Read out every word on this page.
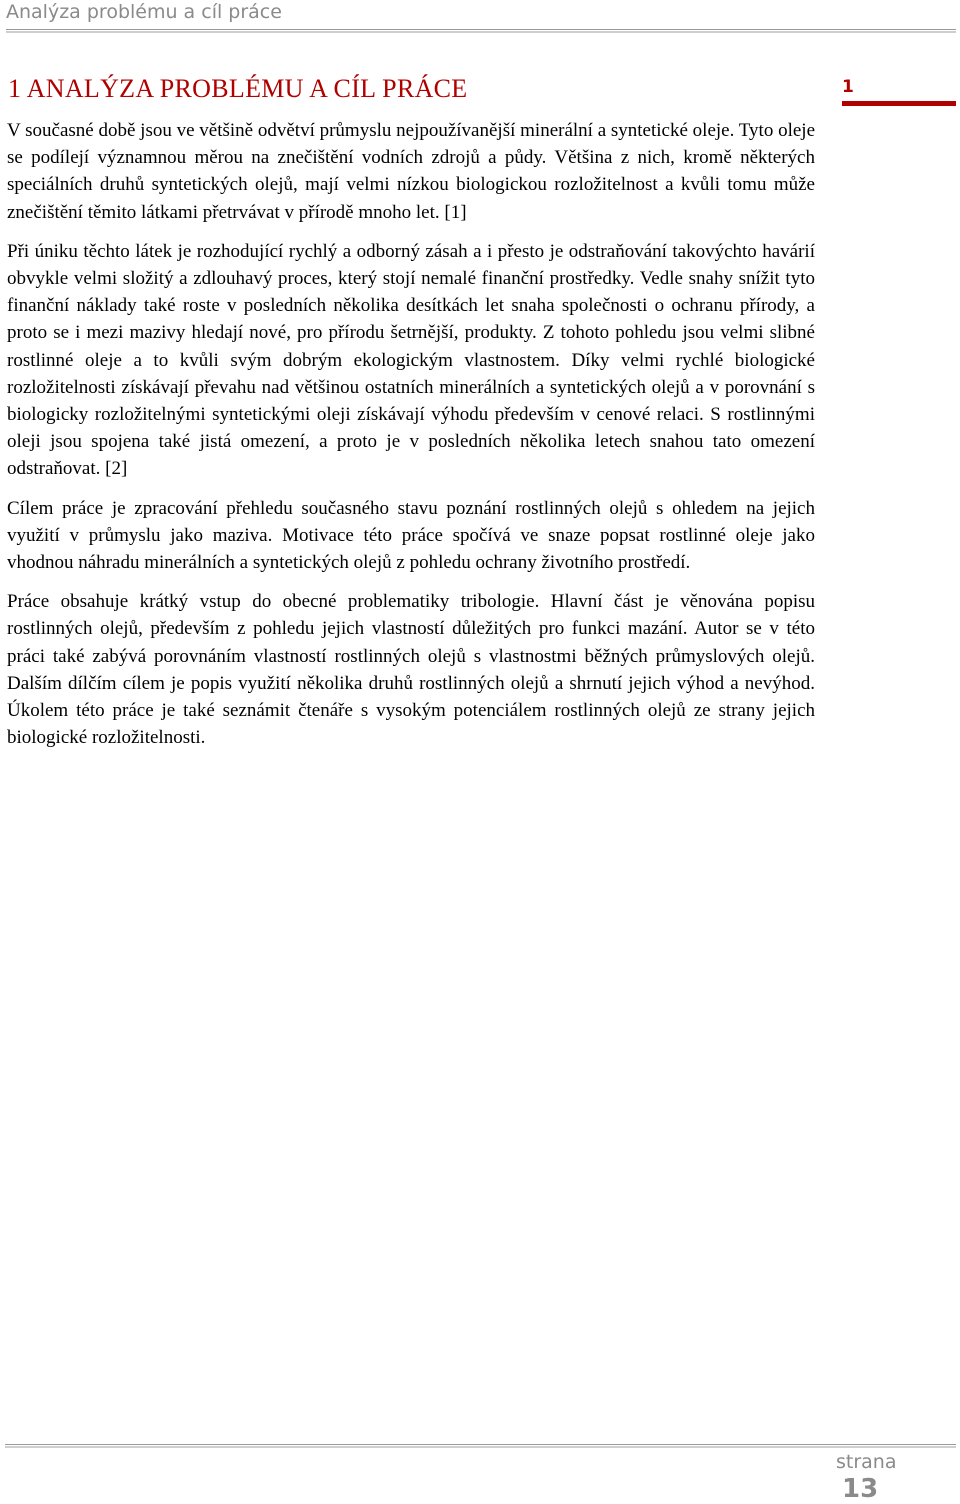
Analýza problému a cíl práce
1 ANALÝZA PROBLÉMU A CÍL PRÁCE	1

V současné době jsou ve většině odvětví průmyslu nejpoužívanější minerální a syntetické oleje. Tyto oleje se podílejí významnou měrou na znečištění vodních zdrojů a půdy. Většina z nich, kromě některých speciálních druhů syntetických olejů, mají velmi nízkou biologickou rozložitelnost a kvůli tomu může znečištění těmito látkami přetrvávat v přírodě mnoho let. [1]

Při úniku těchto látek je rozhodující rychlý a odborný zásah a i přesto je odstraňování takovýchto havárií obvykle velmi složitý a zdlouhavý proces, který stojí nemalé finanční prostředky. Vedle snahy snížit tyto finanční náklady také roste v posledních několika desítkách let snaha společnosti o ochranu přírody, a proto se i mezi mazivy hledají nové, pro přírodu šetrnější, produkty. Z tohoto pohledu jsou velmi slibné rostlinné oleje a to kvůli svým dobrým ekologickým vlastnostem. Díky velmi rychlé biologické rozložitelnosti získávají převahu nad většinou ostatních minerálních a syntetických olejů a v porovnání s biologicky rozložitelnými syntetickými oleji získávají výhodu především v cenové relaci. S rostlinnými oleji jsou spojena také jistá omezení, a proto je v posledních několika letech snahou tato omezení odstraňovat. [2]

Cílem práce je zpracování přehledu současného stavu poznání rostlinných olejů s ohledem na jejich využití v průmyslu jako maziva. Motivace této práce spočívá ve snaze popsat rostlinné oleje jako vhodnou náhradu minerálních a syntetických olejů z pohledu ochrany životního prostředí.

Práce obsahuje krátký vstup do obecné problematiky tribologie. Hlavní část je věnována popisu rostlinných olejů, především z pohledu jejich vlastností důležitých pro funkci mazání. Autor se v této práci také zabývá porovnáním vlastností rostlinných olejů s vlastnostmi běžných průmyslových olejů. Dalším dílčím cílem je popis využití několika druhů rostlinných olejů a shrnutí jejich výhod a nevýhod. Úkolem této práce je také seznámit čtenáře s vysokým potenciálem rostlinných olejů ze strany jejich biologické rozložitelnosti.

strana
13
